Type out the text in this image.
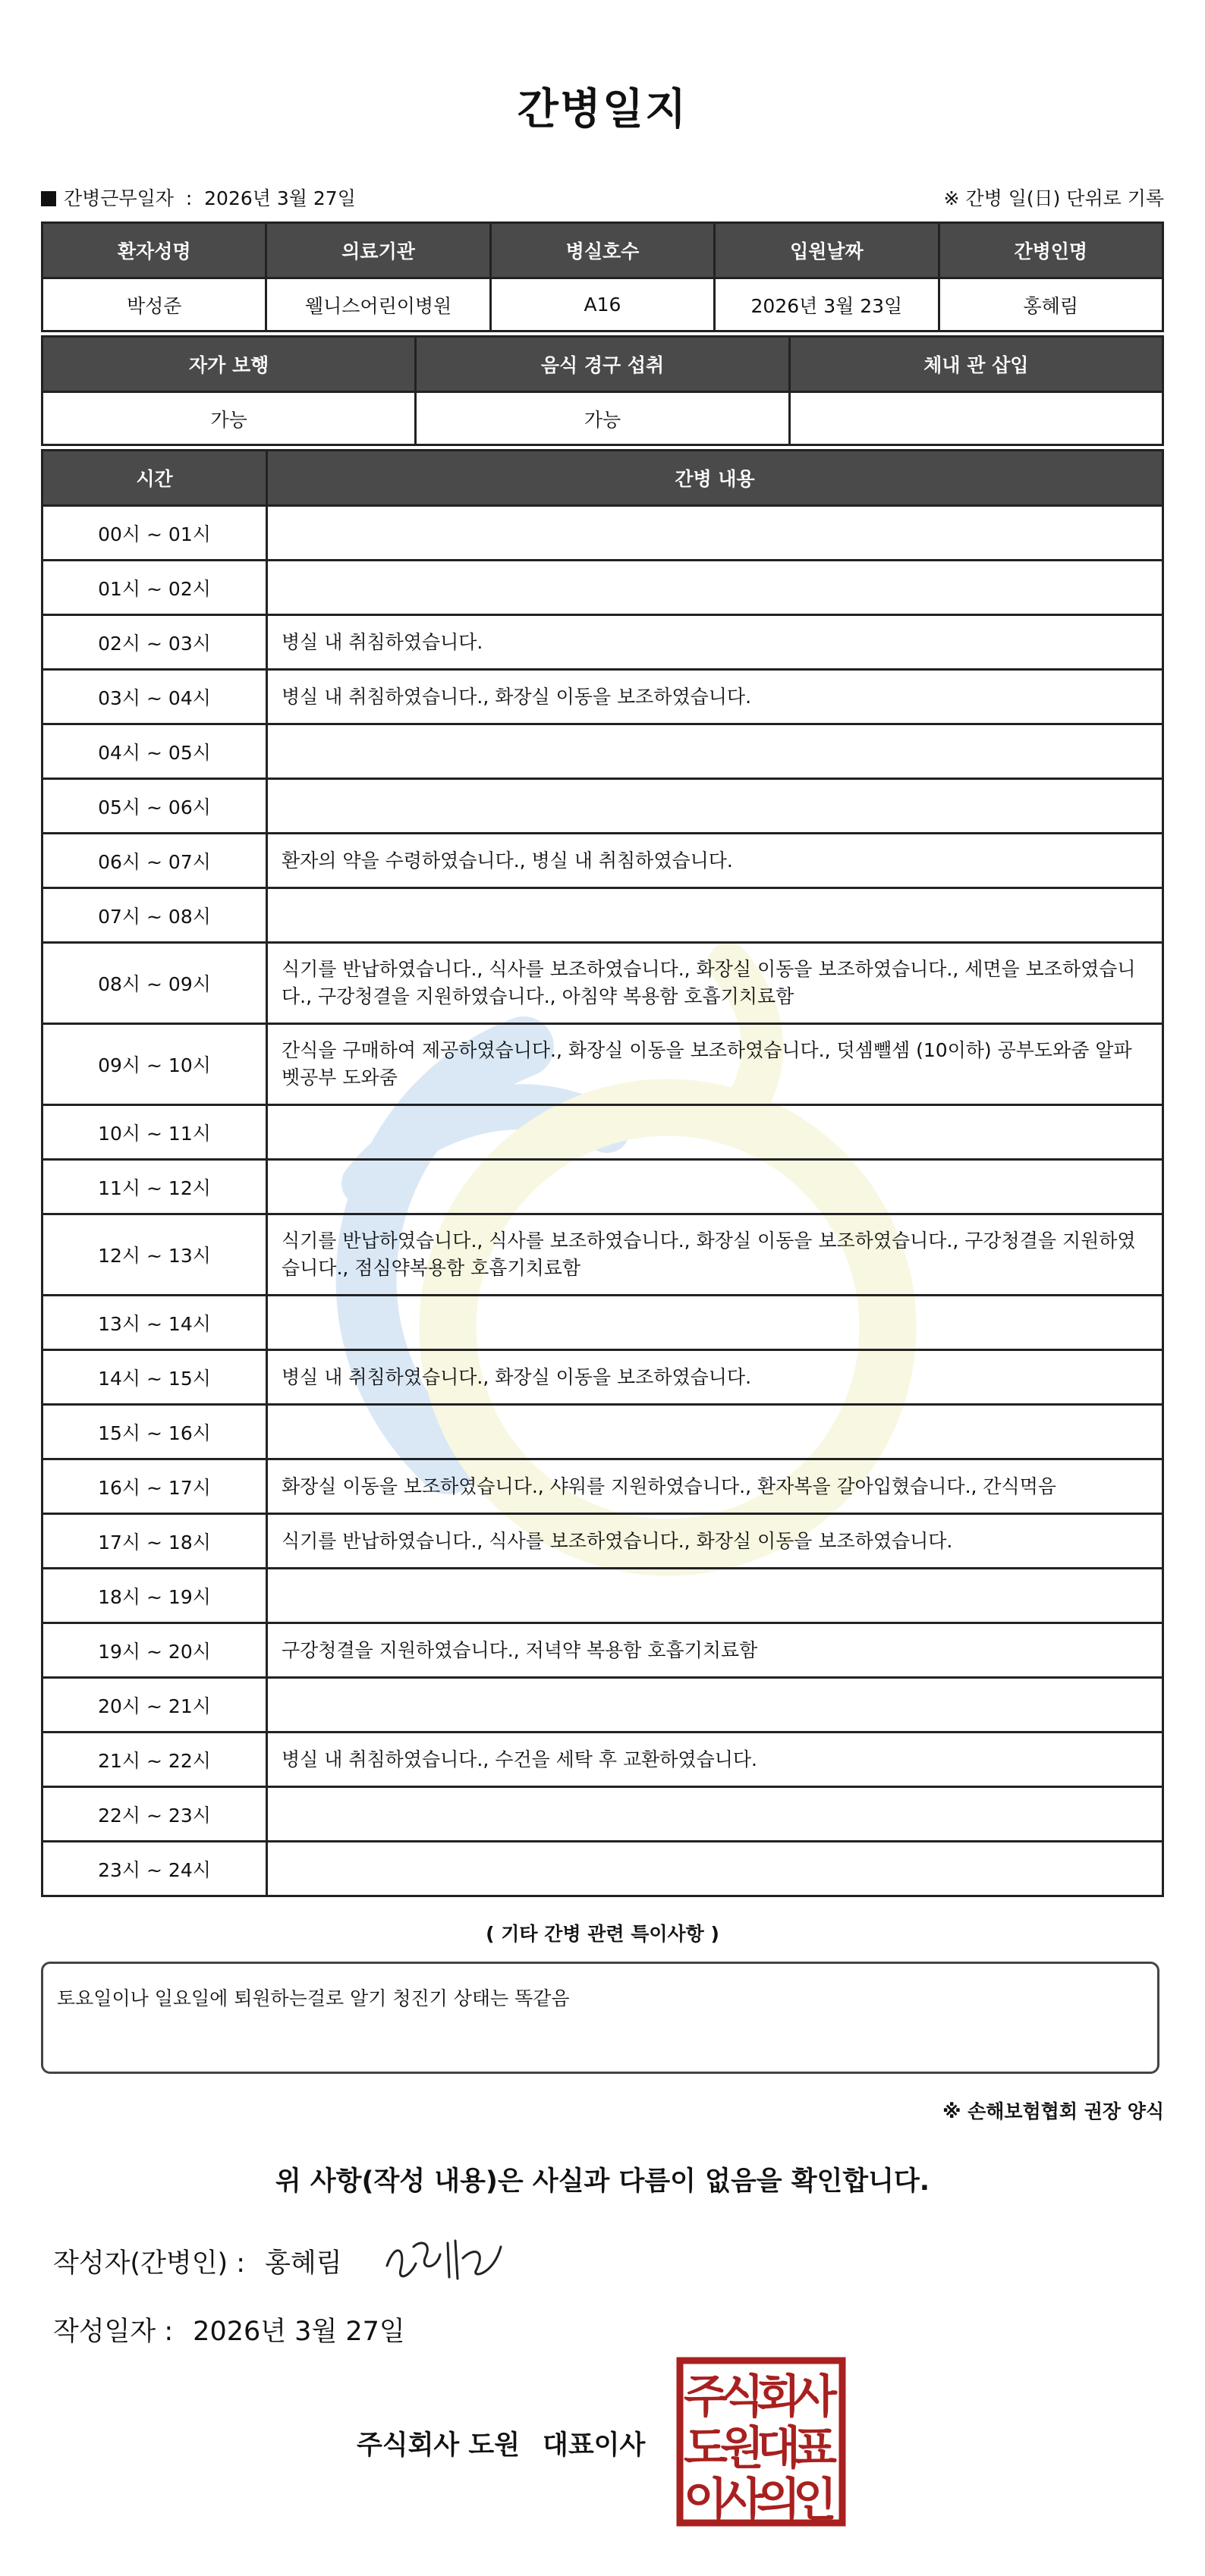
간병일지
간병근무일자 : 2026년 3월 27일	※ 간병 일(日) 단위로 기록
환자성명	의료기관	병실호수	입원날짜	간병인명
박성준	웰니스어린이병원	A16	2026년 3월 23일	홍혜림
자가 보행	음식 경구 섭취	체내 관 삽입
가능	가능	
시간	간병 내용
00시 ~ 01시	
01시 ~ 02시	
02시 ~ 03시	병실 내 취침하였습니다.
03시 ~ 04시	병실 내 취침하였습니다., 화장실 이동을 보조하였습니다.
04시 ~ 05시	
05시 ~ 06시	
06시 ~ 07시	환자의 약을 수령하였습니다., 병실 내 취침하였습니다.
07시 ~ 08시	
08시 ~ 09시	식기를 반납하였습니다., 식사를 보조하였습니다., 화장실 이동을 보조하였습니다., 세면을 보조하였습니다., 구강청결을 지원하였습니다., 아침약 복용함 호흡기치료함
09시 ~ 10시	간식을 구매하여 제공하였습니다., 화장실 이동을 보조하였습니다., 덧셈뺄셈 (10이하) 공부도와줌 알파벳공부 도와줌
10시 ~ 11시	
11시 ~ 12시	
12시 ~ 13시	식기를 반납하였습니다., 식사를 보조하였습니다., 화장실 이동을 보조하였습니다., 구강청결을 지원하였습니다., 점심약복용함 호흡기치료함
13시 ~ 14시	
14시 ~ 15시	병실 내 취침하였습니다., 화장실 이동을 보조하였습니다.
15시 ~ 16시	
16시 ~ 17시	화장실 이동을 보조하였습니다., 샤워를 지원하였습니다., 환자복을 갈아입혔습니다., 간식먹음
17시 ~ 18시	식기를 반납하였습니다., 식사를 보조하였습니다., 화장실 이동을 보조하였습니다.
18시 ~ 19시	
19시 ~ 20시	구강청결을 지원하였습니다., 저녁약 복용함 호흡기치료함
20시 ~ 21시	
21시 ~ 22시	병실 내 취침하였습니다., 수건을 세탁 후 교환하였습니다.
22시 ~ 23시	
23시 ~ 24시	
( 기타 간병 관련 특이사항 )
토요일이나 일요일에 퇴원하는걸로 알기 청진기 상태는 똑같음
※ 손해보험협회 권장 양식
위 사항(작성 내용)은 사실과 다름이 없음을 확인합니다.
작성자(간병인) : 홍혜림
작성일자 : 2026년 3월 27일
주식회사 도원 대표이사
주
식
회
사
도
원
대
표
이
사
의
인
